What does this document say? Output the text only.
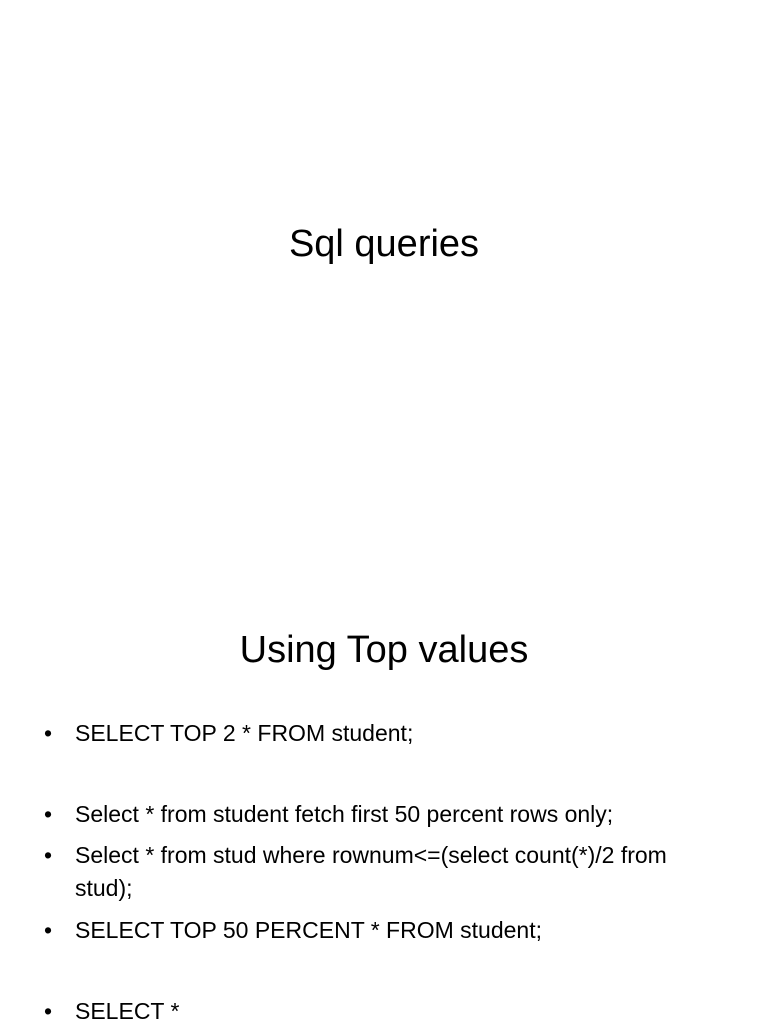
Sql queries
Using Top values
• SELECT TOP 2 * FROM student;
• Select * from student fetch first 50 percent rows only;
• Select * from stud where rownum<=(select count(*)/2 from stud);
• SELECT TOP 50 PERCENT * FROM student;
• SELECT *
